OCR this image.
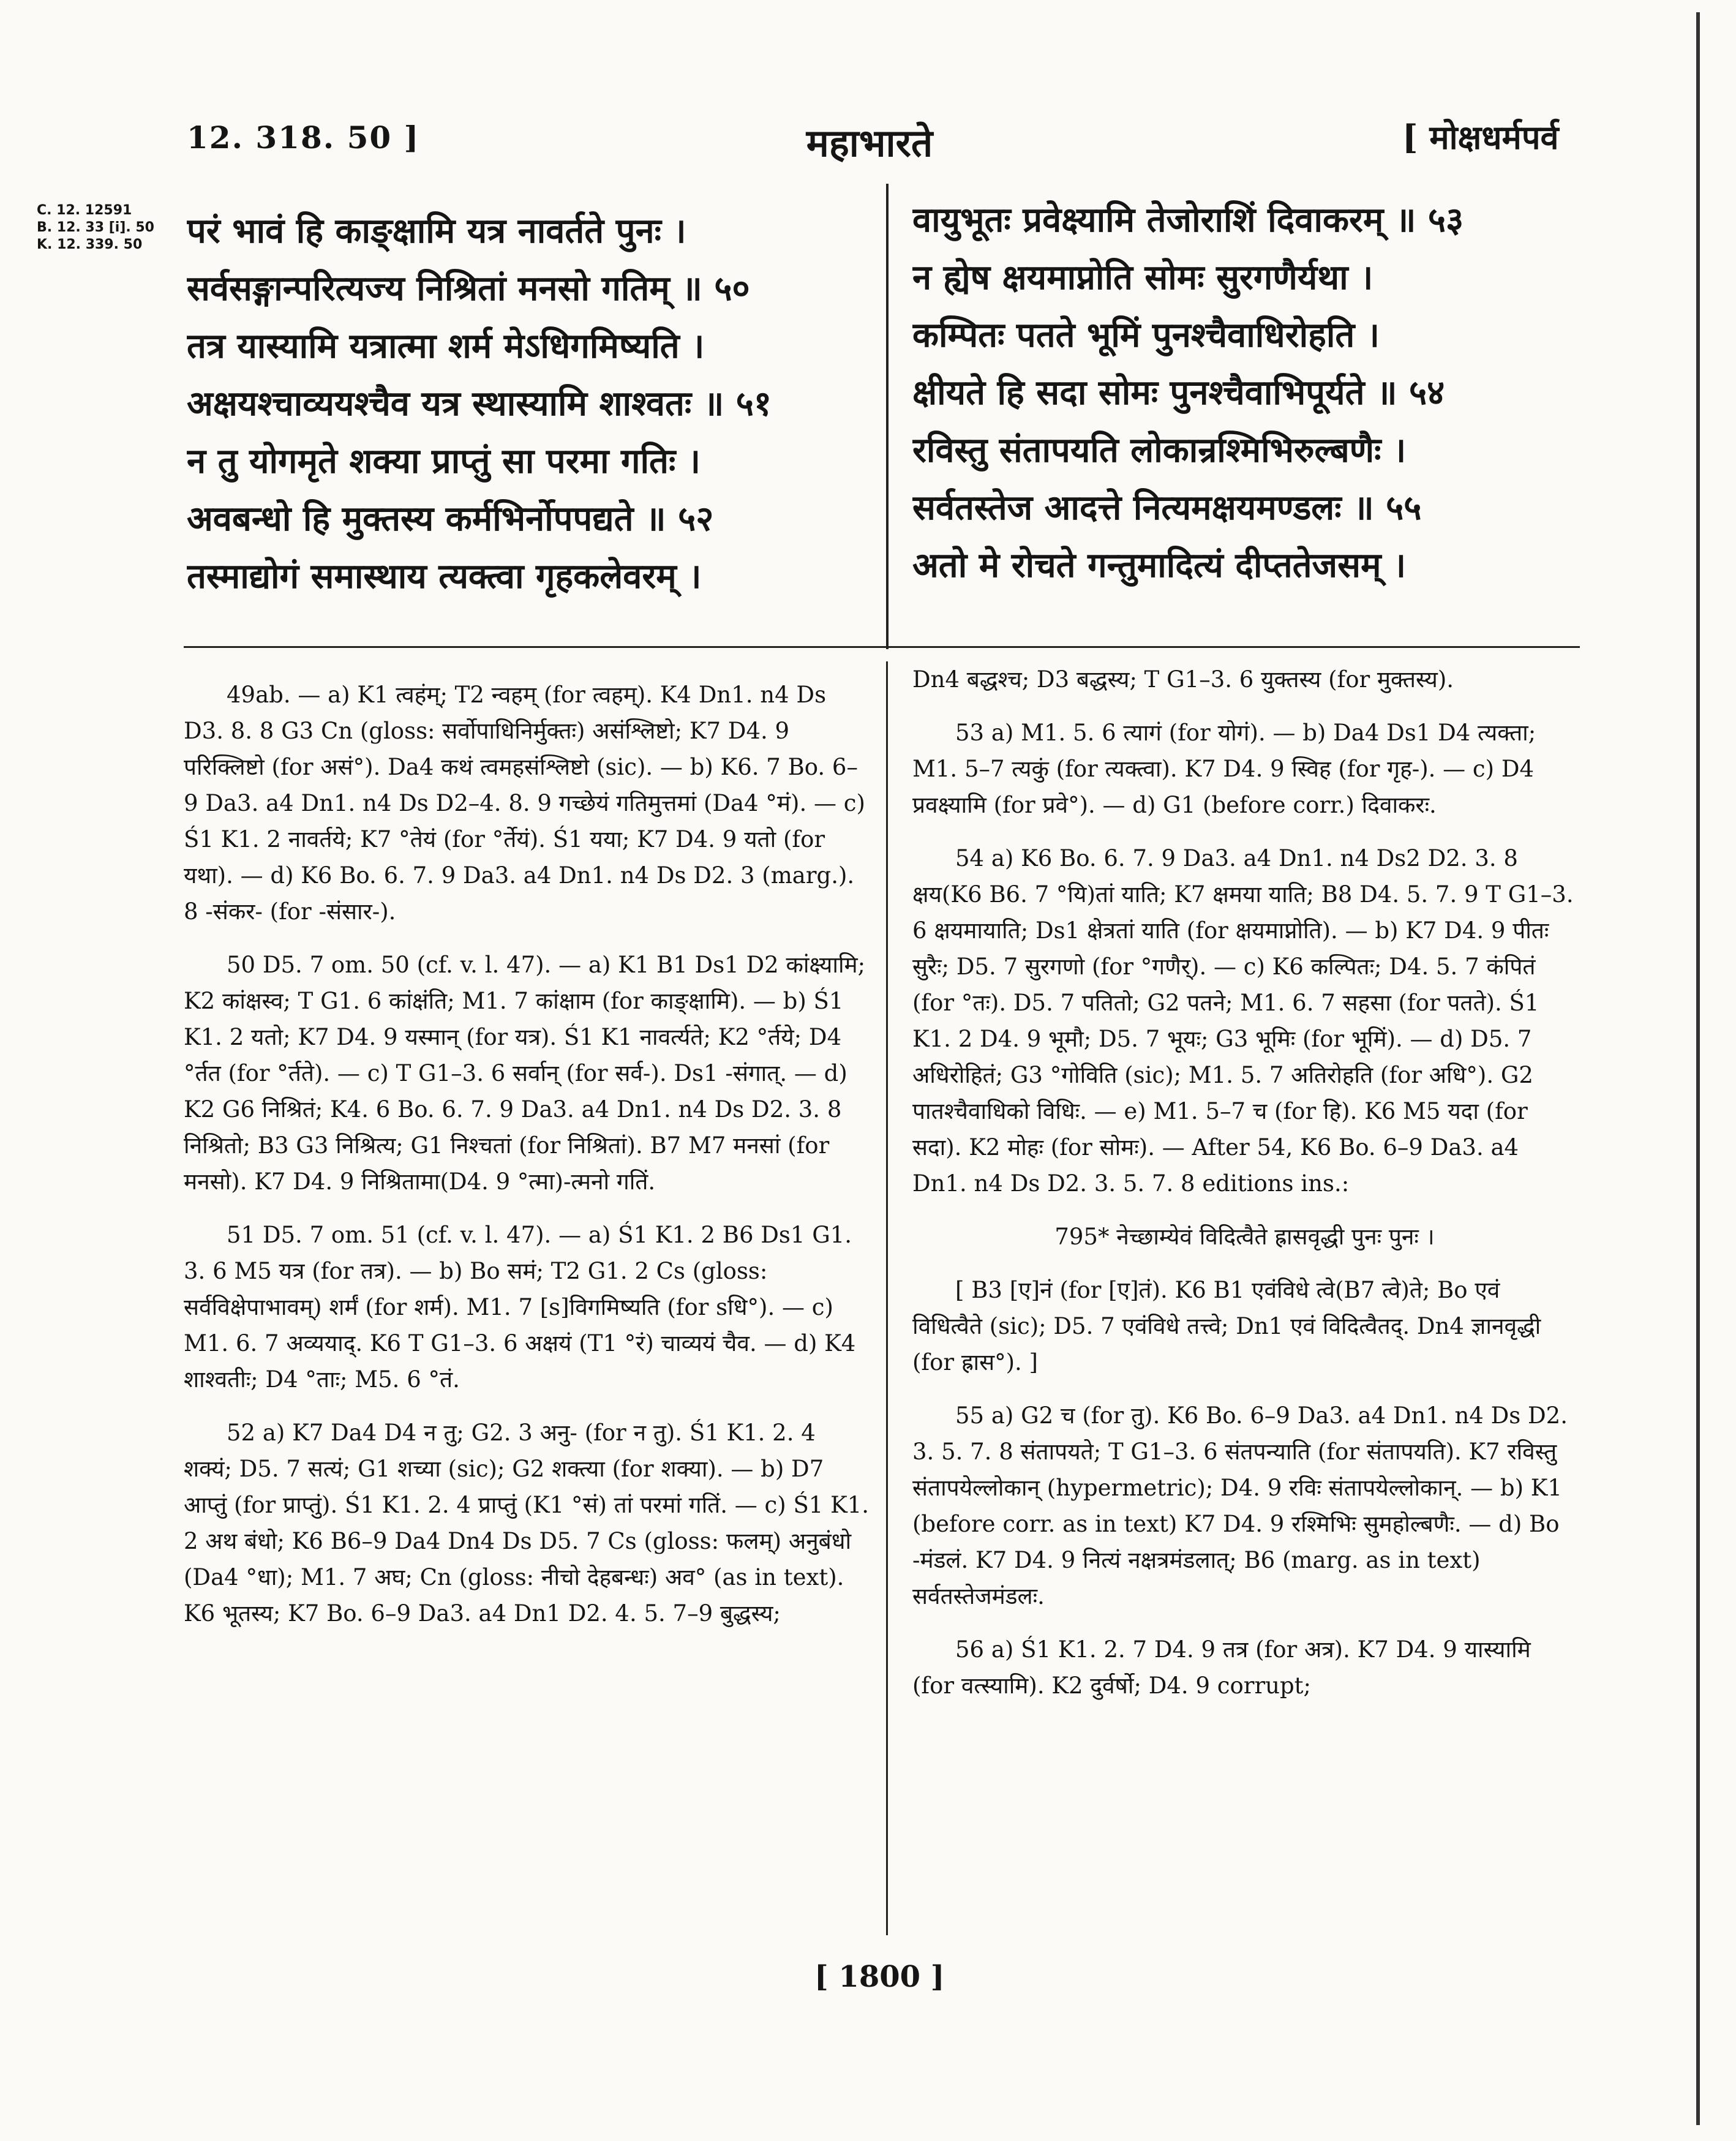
12. 318. 50 ]	महाभारते	[ मोक्षधर्मपर्व
C. 12. 12591
B. 12. 33 [i]. 50
K. 12. 339. 50	परं भावं हि काङ्क्षामि यत्र नावर्तते पुनः ।
सर्वसङ्गान्परित्यज्य निश्रितां मनसो गतिम् ॥ ५०
तत्र यास्यामि यत्रात्मा शर्म मेऽधिगमिष्यति ।
अक्षयश्चाव्ययश्चैव यत्र स्थास्यामि शाश्वतः ॥ ५१
न तु योगमृते शक्या प्राप्तुं सा परमा गतिः ।
अवबन्धो हि मुक्तस्य कर्मभिर्नोपपद्यते ॥ ५२
तस्माद्योगं समास्थाय त्यक्त्वा गृहकलेवरम् ।
वायुभूतः प्रवेक्ष्यामि तेजोराशिं दिवाकरम् ॥ ५३
न ह्येष क्षयमाप्नोति सोमः सुरगणैर्यथा ।
कम्पितः पतते भूमिं पुनश्चैवाधिरोहति ।
क्षीयते हि सदा सोमः पुनश्चैवाभिपूर्यते ॥ ५४
रविस्तु संतापयति लोकान्रश्मिभिरुल्बणैः ।
सर्वतस्तेज आदत्ते नित्यमक्षयमण्डलः ॥ ५५
अतो मे रोचते गन्तुमादित्यं दीप्ततेजसम् ।

49ab. — a) K1 त्वहंम्; T2 न्वहम् (for त्वहम्). K4 Dn1. n4 Ds D3. 8. 8 G3 Cn (gloss: सर्वोपाधिनिर्मुक्तः) असंश्लिष्टो; K7 D4. 9 परिक्लिष्टो (for असं°). Da4 कथं त्वमहसंश्लिष्टो (sic). — b) K6. 7 Bo. 6–9 Da3. a4 Dn1. n4 Ds D2–4. 8. 9 गच्छेयं गतिमुत्तमां (Da4 °मं). — c) Ś1 K1. 2 नावर्तये; K7 °तेयं (for °र्तेयं). Ś1 यया; K7 D4. 9 यतो (for यथा). — d) K6 Bo. 6. 7. 9 Da3. a4 Dn1. n4 Ds D2. 3 (marg.). 8 -संकर- (for -संसार-).

50 D5. 7 om. 50 (cf. v. l. 47). — a) K1 B1 Ds1 D2 कांक्ष्यामि; K2 कांक्षस्व; T G1. 6 कांक्षंति; M1. 7 कांक्षाम (for काङ्क्षामि). — b) Ś1 K1. 2 यतो; K7 D4. 9 यस्मान् (for यत्र). Ś1 K1 नावर्त्यते; K2 °र्तये; D4 °र्तत (for °र्तते). — c) T G1–3. 6 सर्वान् (for सर्व-). Ds1 -संगात्. — d) K2 G6 निश्रितं; K4. 6 Bo. 6. 7. 9 Da3. a4 Dn1. n4 Ds D2. 3. 8 निश्रितो; B3 G3 निश्रित्य; G1 निश्चतां (for निश्रितां). B7 M7 मनसां (for मनसो). K7 D4. 9 निश्रितामा(D4. 9 °त्मा)-त्मनो गतिं.

51 D5. 7 om. 51 (cf. v. l. 47). — a) Ś1 K1. 2 B6 Ds1 G1. 3. 6 M5 यत्र (for तत्र). — b) Bo समं; T2 G1. 2 Cs (gloss: सर्वविक्षेपाभावम्) शर्मं (for शर्म). M1. 7 [s]विगमिष्यति (for sधि°). — c) M1. 6. 7 अव्ययाद्. K6 T G1–3. 6 अक्षयं (T1 °रं) चाव्ययं चैव. — d) K4 शाश्वतीः; D4 °ताः; M5. 6 °तं.

52 a) K7 Da4 D4 न तु; G2. 3 अनु- (for न तु). Ś1 K1. 2. 4 शक्यं; D5. 7 सत्यं; G1 शच्या (sic); G2 शक्त्या (for शक्या). — b) D7 आप्तुं (for प्राप्तुं). Ś1 K1. 2. 4 प्राप्तुं (K1 °सं) तां परमां गतिं. — c) Ś1 K1. 2 अथ बंधो; K6 B6–9 Da4 Dn4 Ds D5. 7 Cs (gloss: फलम्) अनुबंधो (Da4 °धा); M1. 7 अघ; Cn (gloss: नीचो देहबन्धः) अव° (as in text). K6 भूतस्य; K7 Bo. 6–9 Da3. a4 Dn1 D2. 4. 5. 7–9 बुद्धस्य;

Dn4 बद्धश्च; D3 बद्धस्य; T G1–3. 6 युक्तस्य (for मुक्तस्य).

53 a) M1. 5. 6 त्यागं (for योगं). — b) Da4 Ds1 D4 त्यक्ता; M1. 5–7 त्यकुं (for त्यक्त्वा). K7 D4. 9 स्विह (for गृह-). — c) D4 प्रवक्ष्यामि (for प्रवे°). — d) G1 (before corr.) दिवाकरः.

54 a) K6 Bo. 6. 7. 9 Da3. a4 Dn1. n4 Ds2 D2. 3. 8 क्षय(K6 B6. 7 °यि)तां याति; K7 क्षमया याति; B8 D4. 5. 7. 9 T G1–3. 6 क्षयमायाति; Ds1 क्षेत्रतां याति (for क्षयमाप्नोति). — b) K7 D4. 9 पीतः सुरैः; D5. 7 सुरगणो (for °गणैर्). — c) K6 कल्पितः; D4. 5. 7 कंपितं (for °तः). D5. 7 पतितो; G2 पतने; M1. 6. 7 सहसा (for पतते). Ś1 K1. 2 D4. 9 भूमौ; D5. 7 भूयः; G3 भूमिः (for भूमिं). — d) D5. 7 अधिरोहितं; G3 °गोविति (sic); M1. 5. 7 अतिरोहति (for अधि°). G2 पातश्चैवाधिको विधिः. — e) M1. 5–7 च (for हि). K6 M5 यदा (for सदा). K2 मोहः (for सोमः). — After 54, K6 Bo. 6–9 Da3. a4 Dn1. n4 Ds D2. 3. 5. 7. 8 editions ins.:

795* नेच्छाम्येवं विदित्वैते ह्रासवृद्धी पुनः पुनः ।

[ B3 [ए]नं (for [ए]तं). K6 B1 एवंविधे त्वे(B7 त्वे)ते; Bo एवं विधित्वैते (sic); D5. 7 एवंविधे तत्त्वे; Dn1 एवं विदित्वैतद्. Dn4 ज्ञानवृद्धी (for ह्रास°). ]

55 a) G2 च (for तु). K6 Bo. 6–9 Da3. a4 Dn1. n4 Ds D2. 3. 5. 7. 8 संतापयते; T G1–3. 6 संतपन्याति (for संतापयति). K7 रविस्तु संतापयेल्लोकान् (hypermetric); D4. 9 रविः संतापयेल्लोकान्. — b) K1 (before corr. as in text) K7 D4. 9 रश्मिभिः सुमहोल्बणैः. — d) Bo -मंडलं. K7 D4. 9 नित्यं नक्षत्रमंडलात्; B6 (marg. as in text) सर्वतस्तेजमंडलः.

56 a) Ś1 K1. 2. 7 D4. 9 तत्र (for अत्र). K7 D4. 9 यास्यामि (for वत्स्यामि). K2 दुर्वर्षो; D4. 9 corrupt;

[ 1800 ]
